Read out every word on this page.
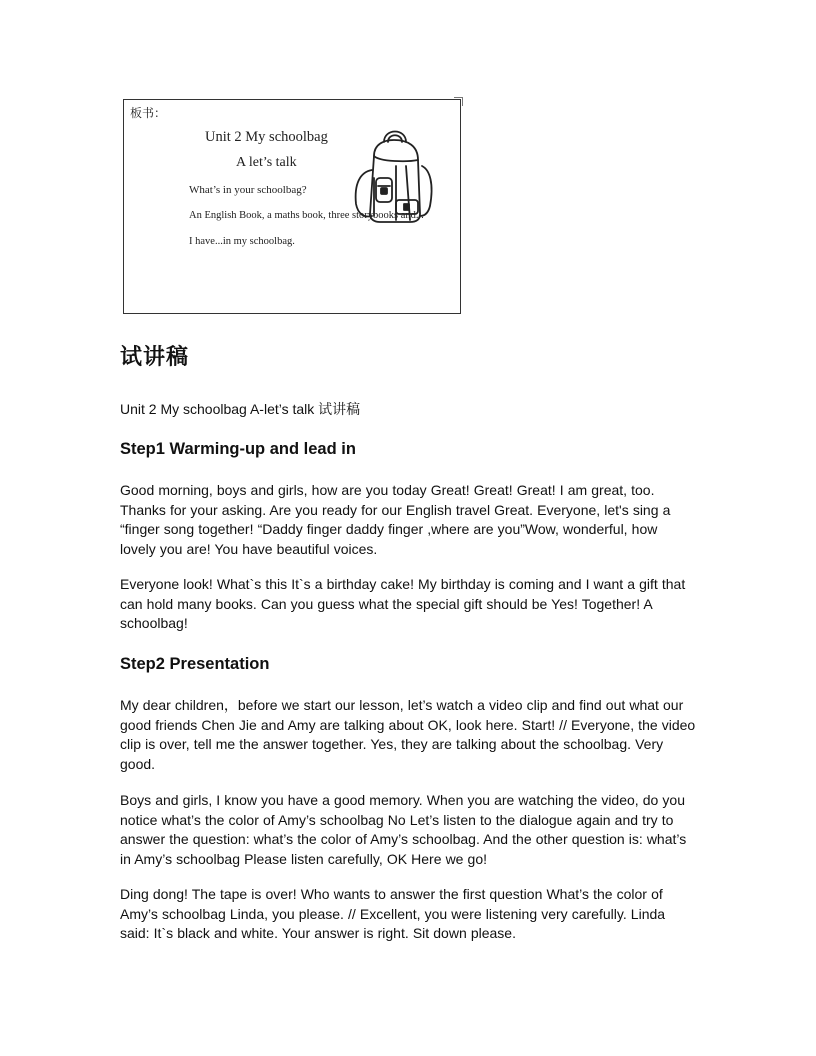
板书：
Unit 2 My schoolbag
A let’s talk
What’s in your schoolbag?
An English Book, a maths book, three storybooks and...
I have...in my schoolbag.
试讲稿

Unit 2 My schoolbag A-let’s talk 试讲稿

Step1 Warming-up and lead in

Good morning, boys and girls, how are you today Great! Great! Great! I am great, too. Thanks for your asking. Are you ready for our English travel Great. Everyone, let's sing a “finger song together! “Daddy finger daddy finger ,where are you”Wow, wonderful, how lovely you are! You have beautiful voices.

Everyone look! What`s this It`s a birthday cake! My birthday is coming and I want a gift that can hold many books. Can you guess what the special gift should be Yes! Together! A schoolbag!

Step2 Presentation

My dear children，before we start our lesson, let’s watch a video clip and find out what our good friends Chen Jie and Amy are talking about OK, look here. Start! // Everyone, the video clip is over, tell me the answer together. Yes, they are talking about the schoolbag. Very good.

Boys and girls, I know you have a good memory. When you are watching the video, do you notice what’s the color of Amy’s schoolbag No Let’s listen to the dialogue again and try to answer the question: what’s the color of Amy’s schoolbag. And the other question is: what’s in Amy’s schoolbag Please listen carefully, OK Here we go!

Ding dong! The tape is over! Who wants to answer the first question What’s the color of Amy’s schoolbag Linda, you please. // Excellent, you were listening very carefully. Linda said: It`s black and white. Your answer is right. Sit down please.
